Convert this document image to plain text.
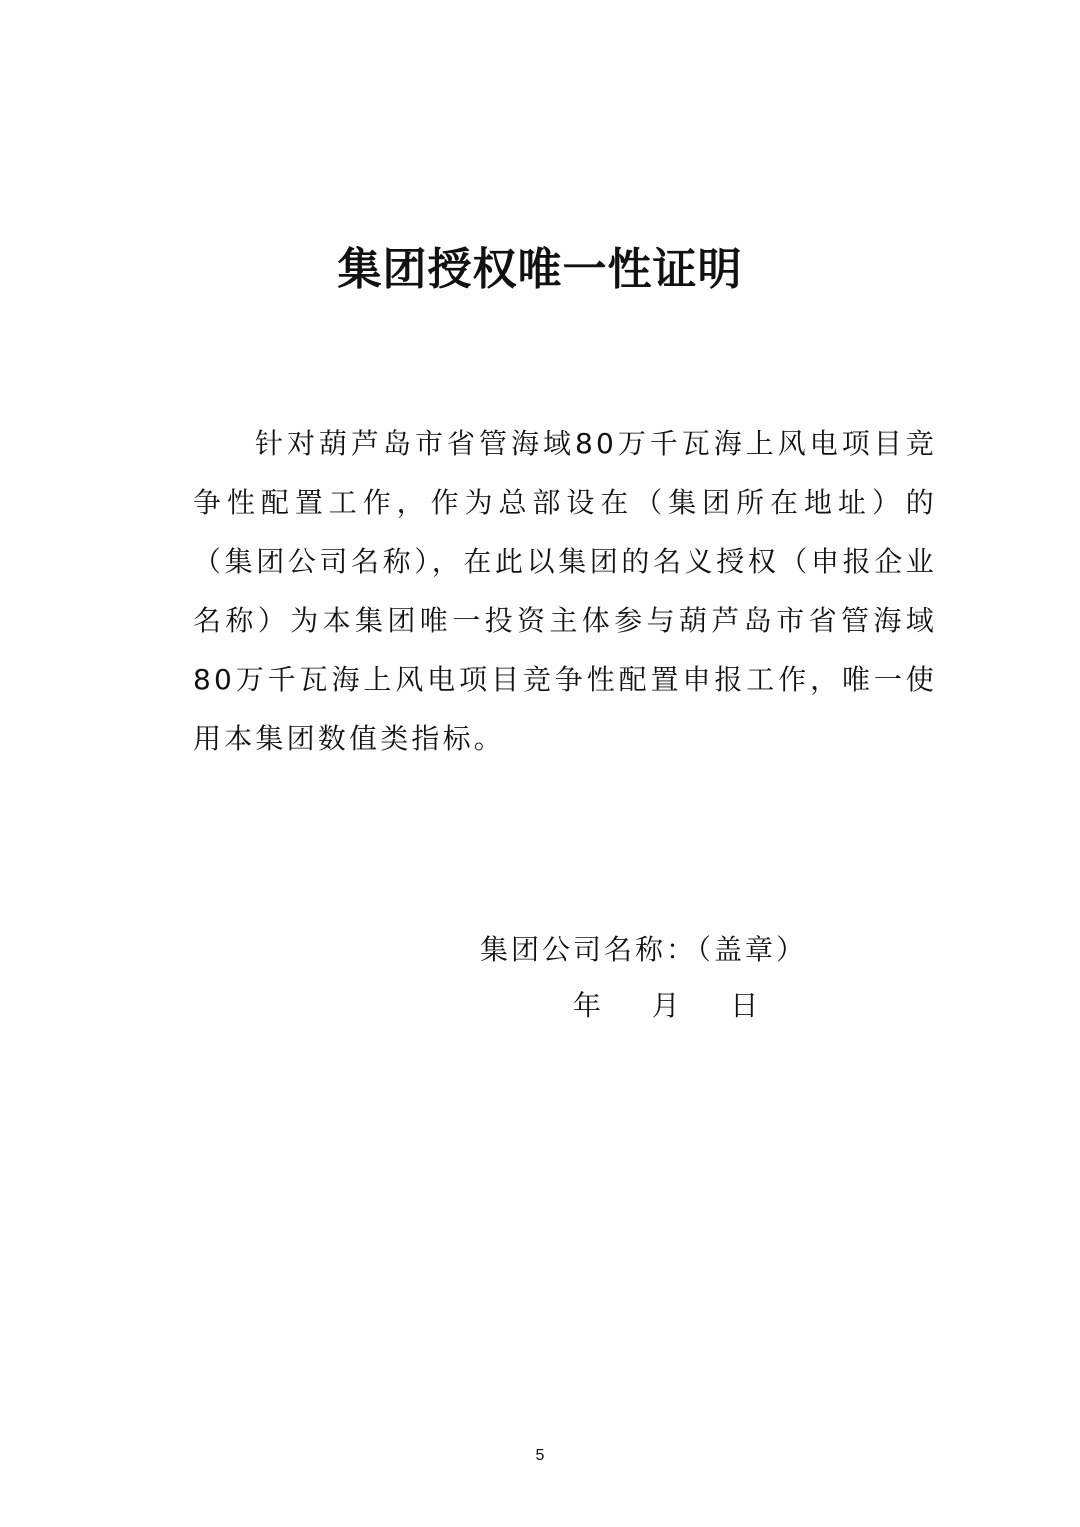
集团授权唯一性证明

针对葫芦岛市省管海域80万千瓦海上风电项目竞争性配置工作，作为总部设在（集团所在地址）的（集团公司名称），在此以集团的名义授权（申报企业名称）为本集团唯一投资主体参与葫芦岛市省管海域80万千瓦海上风电项目竞争性配置申报工作，唯一使用本集团数值类指标。

集团公司名称：（盖章）
年    月    日
5
